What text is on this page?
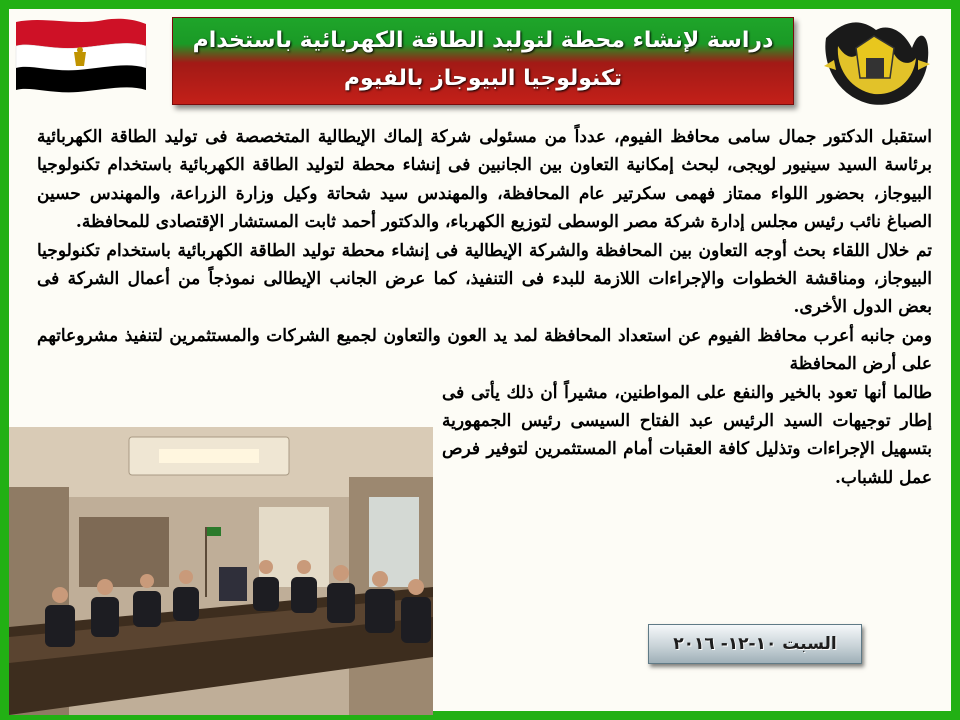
دراسة لإنشاء محطة لتوليد الطاقة الكهربائية باستخدام
تكنولوجيا البيوجاز بالفيوم

استقبل الدكتور جمال سامى محافظ الفيوم، عدداً من مسئولى شركة إلماك الإيطالية المتخصصة فى توليد الطاقة الكهربائية برئاسة السيد سينيور لويجى، لبحث إمكانية التعاون بين الجانبين فى إنشاء محطة لتوليد الطاقة الكهربائية باستخدام تكنولوجيا البيوجاز، بحضور اللواء ممتاز فهمى سكرتير عام المحافظة، والمهندس سيد شحاتة وكيل وزارة الزراعة، والمهندس حسين الصباغ نائب رئيس مجلس إدارة شركة مصر الوسطى لتوزيع الكهرباء، والدكتور أحمد ثابت المستشار الإقتصادى للمحافظة.

تم خلال اللقاء بحث أوجه التعاون بين المحافظة والشركة الإيطالية فى إنشاء محطة توليد الطاقة الكهربائية باستخدام تكنولوجيا البيوجاز، ومناقشة الخطوات والإجراءات اللازمة للبدء فى التنفيذ، كما عرض الجانب الإيطالى نموذجاً من أعمال الشركة فى بعض الدول الأخرى.

ومن جانبه أعرب محافظ الفيوم عن استعداد المحافظة لمد يد العون والتعاون لجميع الشركات والمستثمرين لتنفيذ مشروعاتهم على أرض المحافظة

طالما أنها تعود بالخير والنفع على المواطنين، مشيراً أن ذلك يأتى فى إطار توجيهات السيد الرئيس عبد الفتاح السيسى رئيس الجمهورية بتسهيل الإجراءات وتذليل كافة العقبات أمام المستثمرين لتوفير فرص عمل للشباب.

السبت ١٠-١٢- ٢٠١٦
